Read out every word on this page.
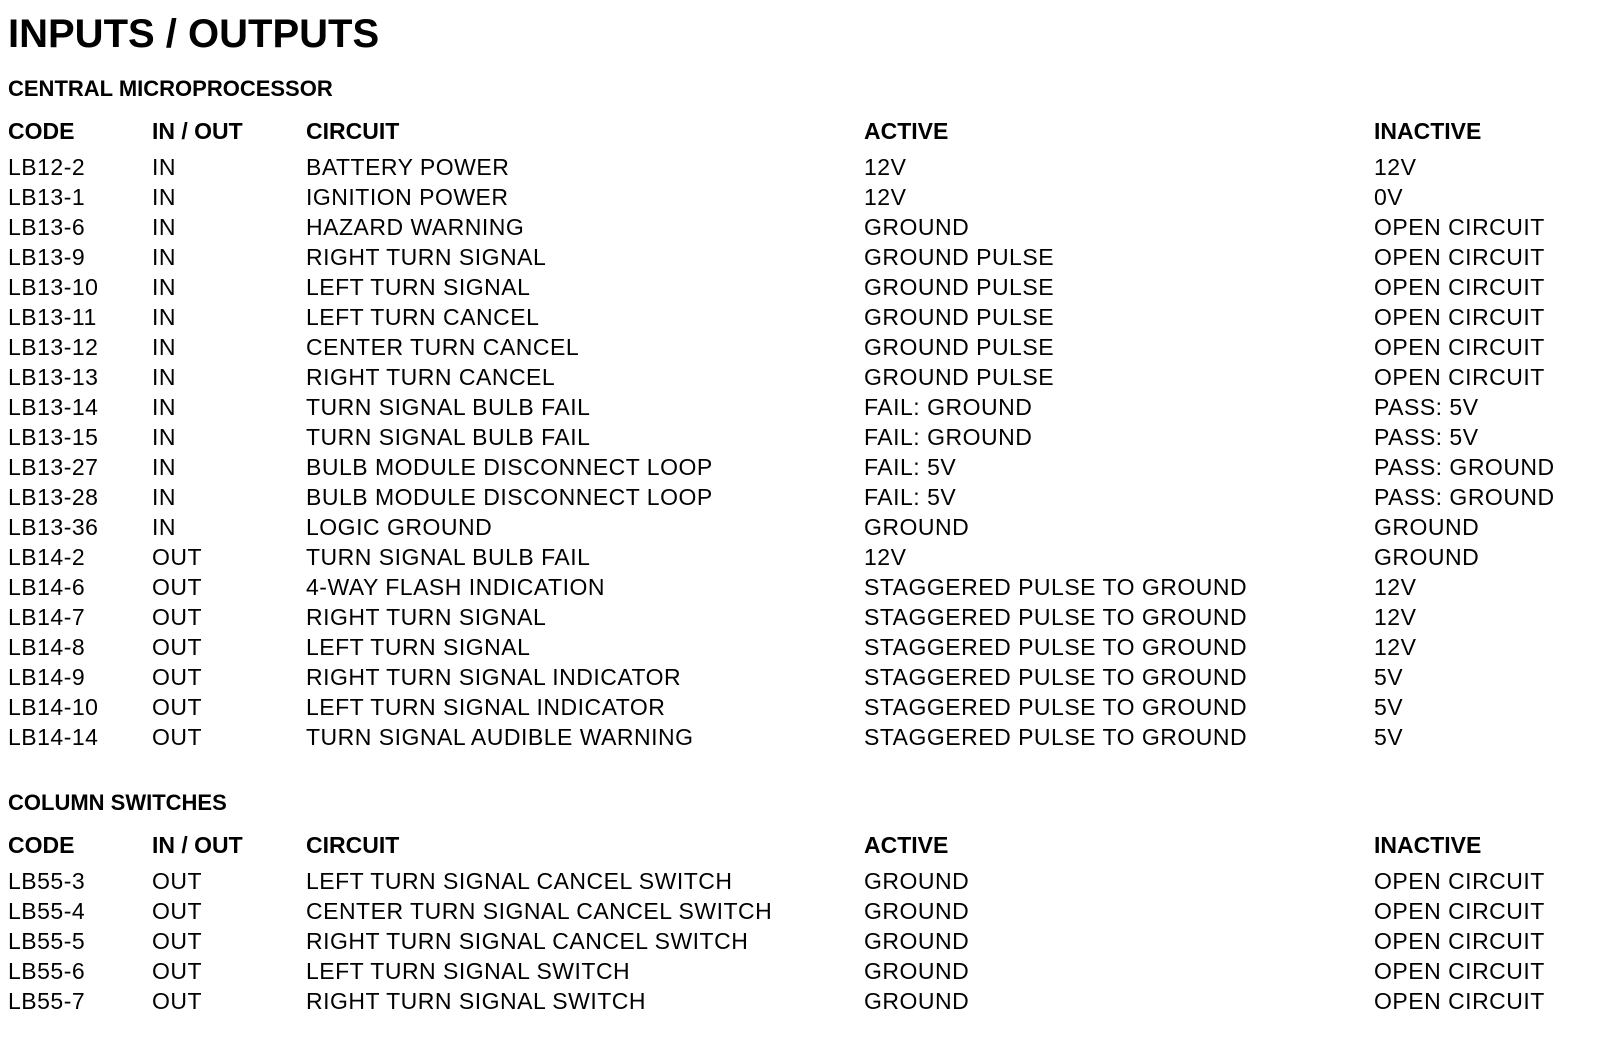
INPUTS / OUTPUTS
CENTRAL MICROPROCESSOR
CODE	IN / OUT	CIRCUIT	ACTIVE	INACTIVE
LB12-2	IN	BATTERY POWER	12V	12V
LB13-1	IN	IGNITION POWER	12V	0V
LB13-6	IN	HAZARD WARNING	GROUND	OPEN CIRCUIT
LB13-9	IN	RIGHT TURN SIGNAL	GROUND PULSE	OPEN CIRCUIT
LB13-10 IN	LEFT TURN SIGNAL	GROUND PULSE	OPEN CIRCUIT
LB13-11 IN	LEFT TURN CANCEL	GROUND PULSE	OPEN CIRCUIT
LB13-12 IN	CENTER TURN CANCEL	GROUND PULSE	OPEN CIRCUIT
LB13-13 IN	RIGHT TURN CANCEL	GROUND PULSE	OPEN CIRCUIT
LB13-14 IN	TURN SIGNAL BULB FAIL	FAIL: GROUND	PASS: 5V
LB13-15 IN	TURN SIGNAL BULB FAIL	FAIL: GROUND	PASS: 5V
LB13-27 IN	BULB MODULE DISCONNECT LOOP	FAIL: 5V	PASS: GROUND
LB13-28 IN	BULB MODULE DISCONNECT LOOP	FAIL: 5V	PASS: GROUND
LB13-36 IN	LOGIC GROUND	GROUND	GROUND
LB14-2	OUT	TURN SIGNAL BULB FAIL	12V	GROUND
LB14-6	OUT	4-WAY FLASH INDICATION	STAGGERED PULSE TO GROUND	12V
LB14-7	OUT	RIGHT TURN SIGNAL	STAGGERED PULSE TO GROUND	12V
LB14-8	OUT	LEFT TURN SIGNAL	STAGGERED PULSE TO GROUND	12V
LB14-9	OUT	RIGHT TURN SIGNAL INDICATOR	STAGGERED PULSE TO GROUND	5V
LB14-10 OUT	LEFT TURN SIGNAL INDICATOR	STAGGERED PULSE TO GROUND	5V
LB14-14 OUT	TURN SIGNAL AUDIBLE WARNING	STAGGERED PULSE TO GROUND	5V
COLUMN SWITCHES
CODE	IN / OUT	CIRCUIT	ACTIVE	INACTIVE
LB55-3	OUT	LEFT TURN SIGNAL CANCEL SWITCH	GROUND	OPEN CIRCUIT
LB55-4	OUT	CENTER TURN SIGNAL CANCEL SWITCH	GROUND	OPEN CIRCUIT
LB55-5	OUT	RIGHT TURN SIGNAL CANCEL SWITCH	GROUND	OPEN CIRCUIT
LB55-6	OUT	LEFT TURN SIGNAL SWITCH	GROUND	OPEN CIRCUIT
LB55-7	OUT	RIGHT TURN SIGNAL SWITCH	GROUND	OPEN CIRCUIT
